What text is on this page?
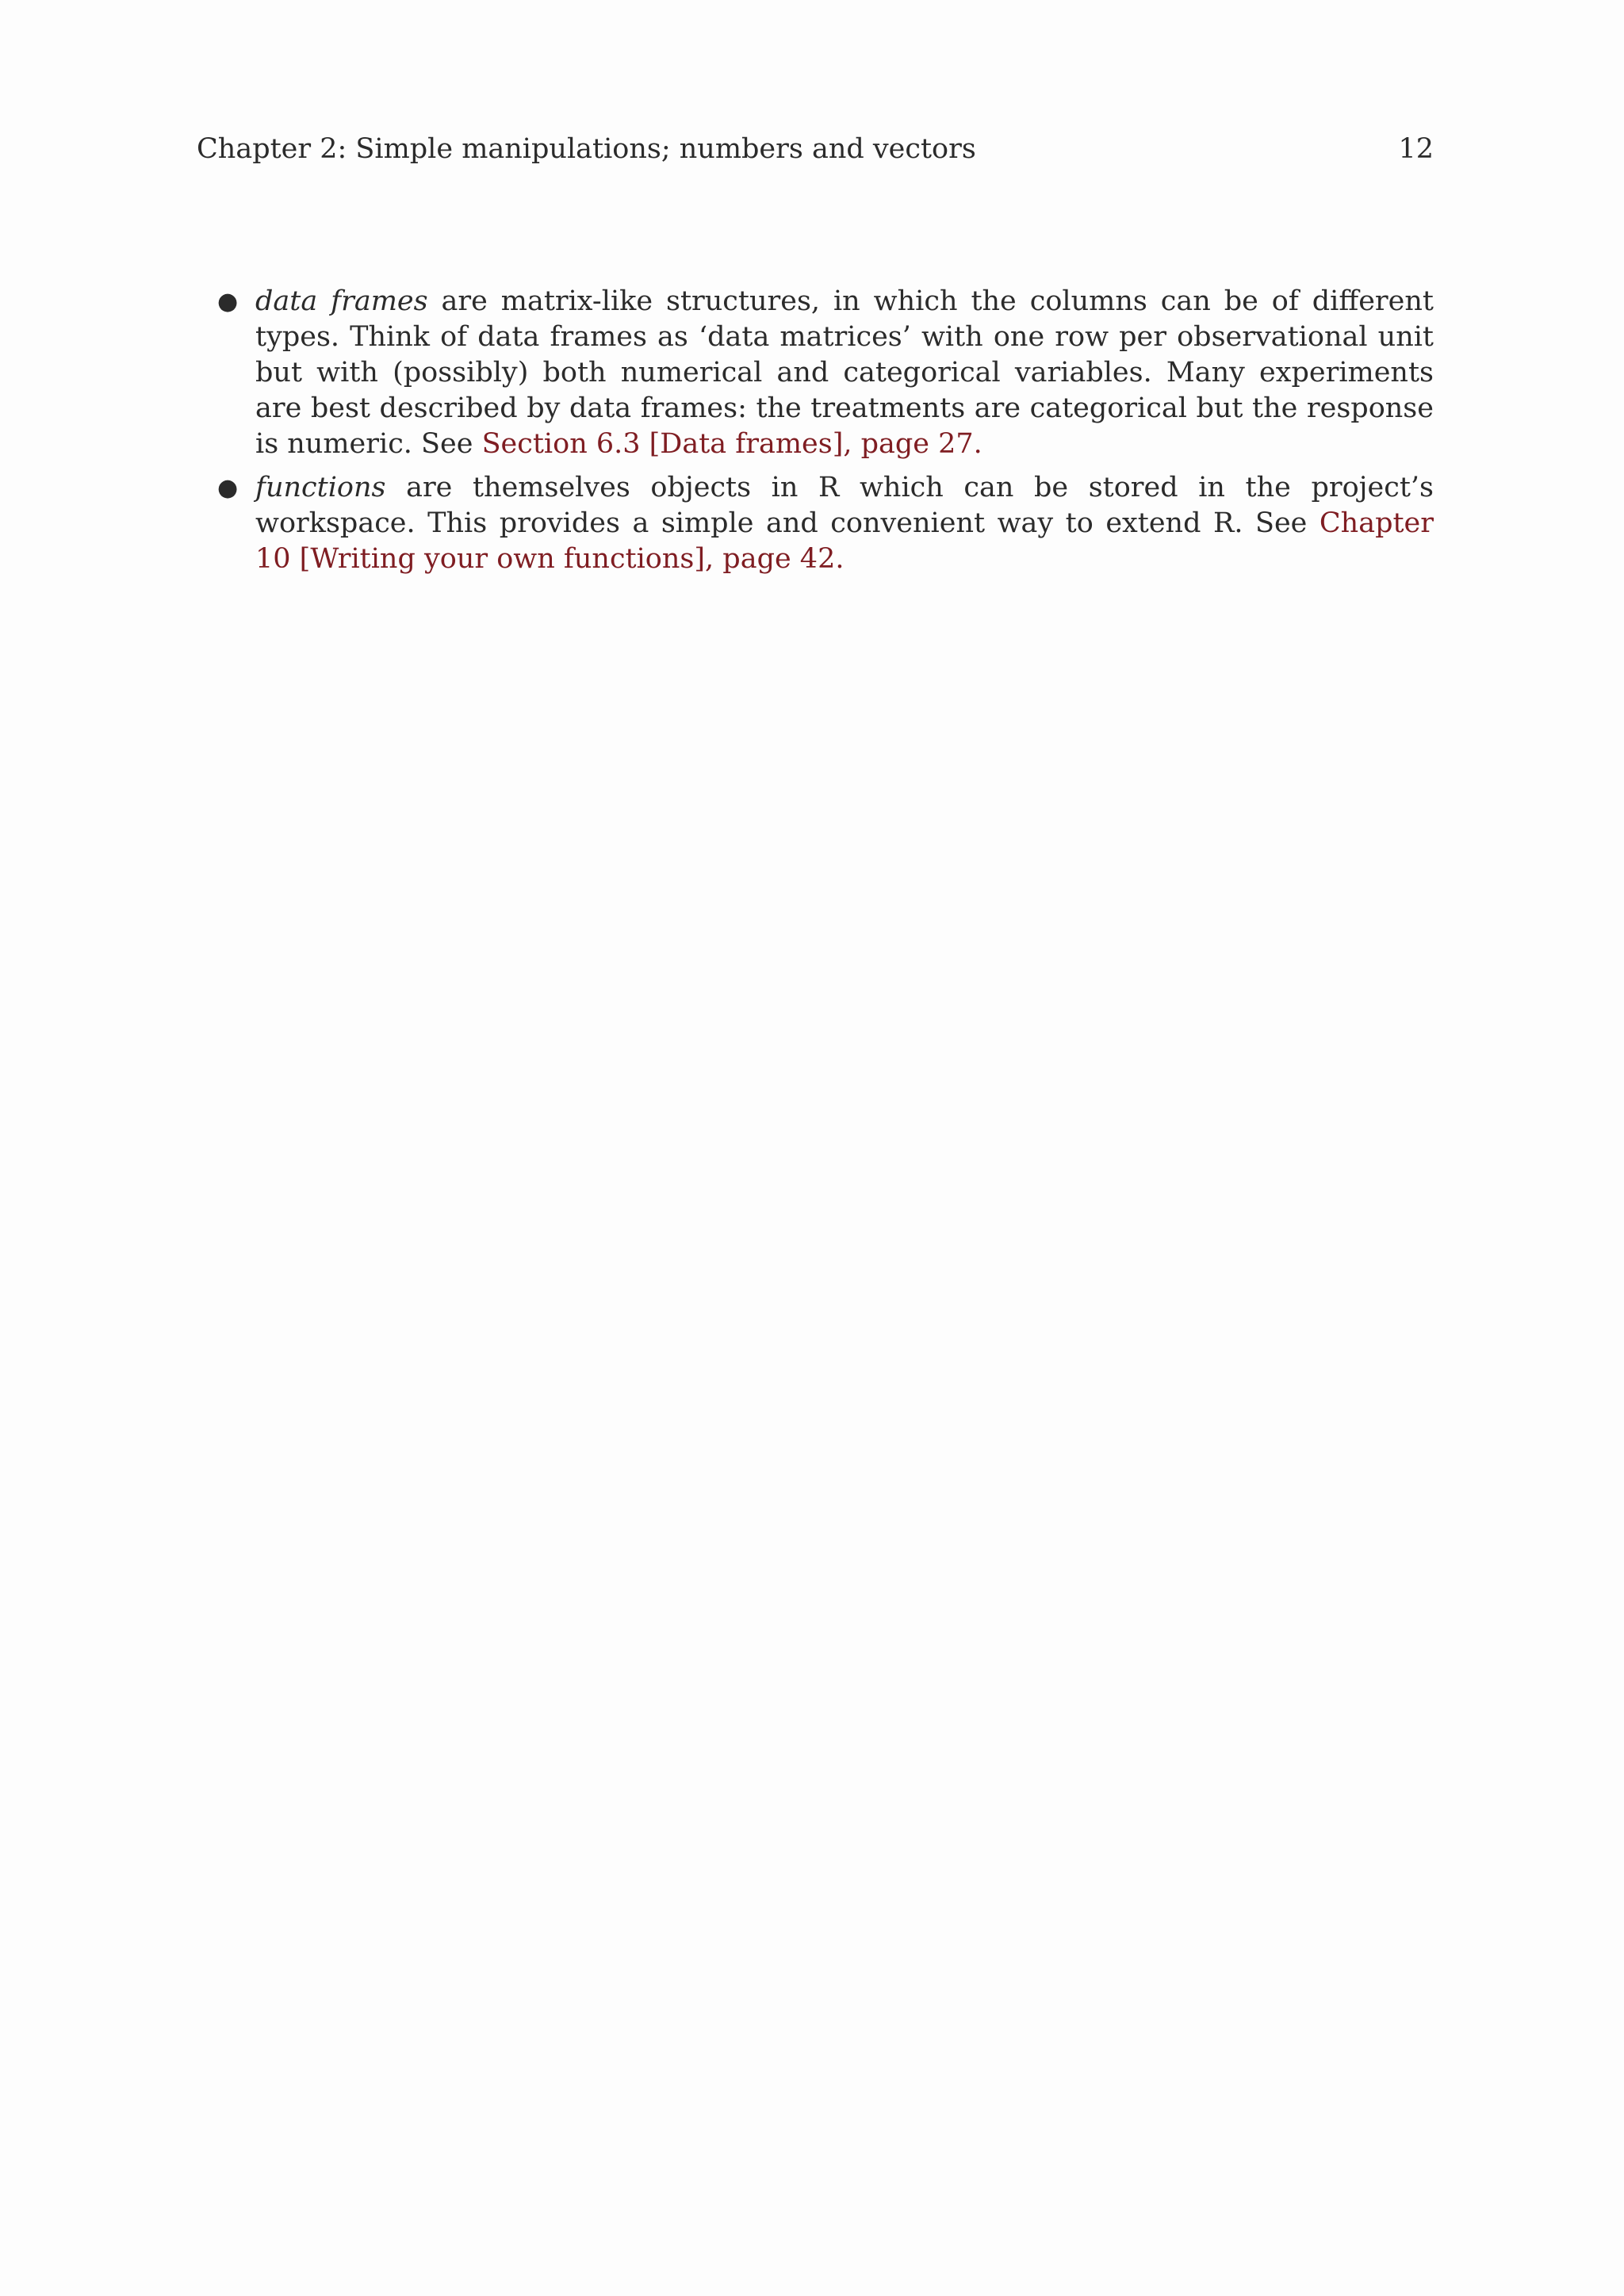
Chapter 2: Simple manipulations; numbers and vectors	12
● data frames are matrix-like structures, in which the columns can be of different types. Think of data frames as ‘data matrices’ with one row per observational unit but with (possibly) both numerical and categorical variables. Many experiments are best described by data frames: the treatments are categorical but the response is numeric. See Section 6.3 [Data frames], page 27.
● functions are themselves objects in R which can be stored in the project’s workspace. This provides a simple and convenient way to extend R. See Chapter 10 [Writing your own functions], page 42.
